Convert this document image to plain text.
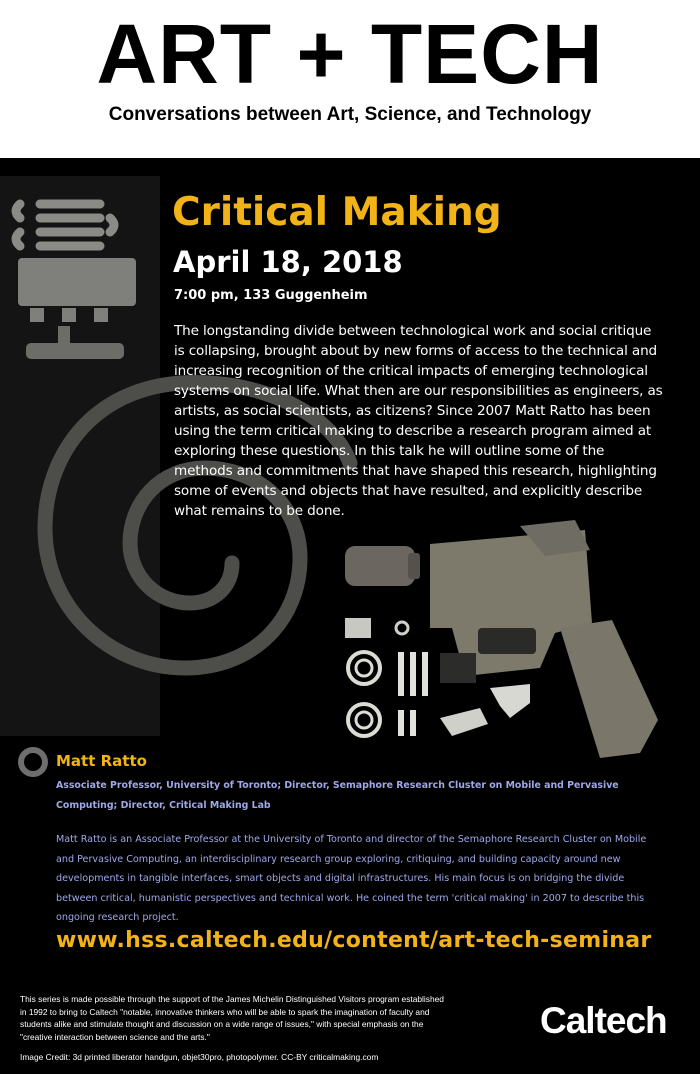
ART + TECH
Conversations between Art, Science, and Technology
Critical Making
April 18, 2018
7:00 pm, 133 Guggenheim
The longstanding divide between technological work and social critique is collapsing, brought about by new forms of access to the technical and increasing recognition of the critical impacts of emerging technological systems on social life. What then are our responsibilities as engineers, as artists, as social scientists, as citizens? Since 2007 Matt Ratto has been using the term critical making to describe a research program aimed at exploring these questions. In this talk he will outline some of the methods and commitments that have shaped this research, highlighting some of events and objects that have resulted, and explicitly describe what remains to be done.
Matt Ratto
Associate Professor, University of Toronto; Director, Semaphore Research Cluster on Mobile and Pervasive Computing; Director, Critical Making Lab
Matt Ratto is an Associate Professor at the University of Toronto and director of the Semaphore Research Cluster on Mobile and Pervasive Computing, an interdisciplinary research group exploring, critiquing, and building capacity around new developments in tangible interfaces, smart objects and digital infrastructures. His main focus is on bridging the divide between critical, humanistic perspectives and technical work. He coined the term 'critical making' in 2007 to describe this ongoing research project.
www.hss.caltech.edu/content/art-tech-seminar
This series is made possible through the support of the James Michelin Distinguished Visitors program established in 1992 to bring to Caltech "notable, innovative thinkers who will be able to spark the imagination of faculty and students alike and stimulate thought and discussion on a wide range of issues," with special emphasis on the "creative interaction between science and the arts."
Image Credit: 3d printed liberator handgun, objet30pro, photopolymer. CC-BY criticalmaking.com
Caltech
